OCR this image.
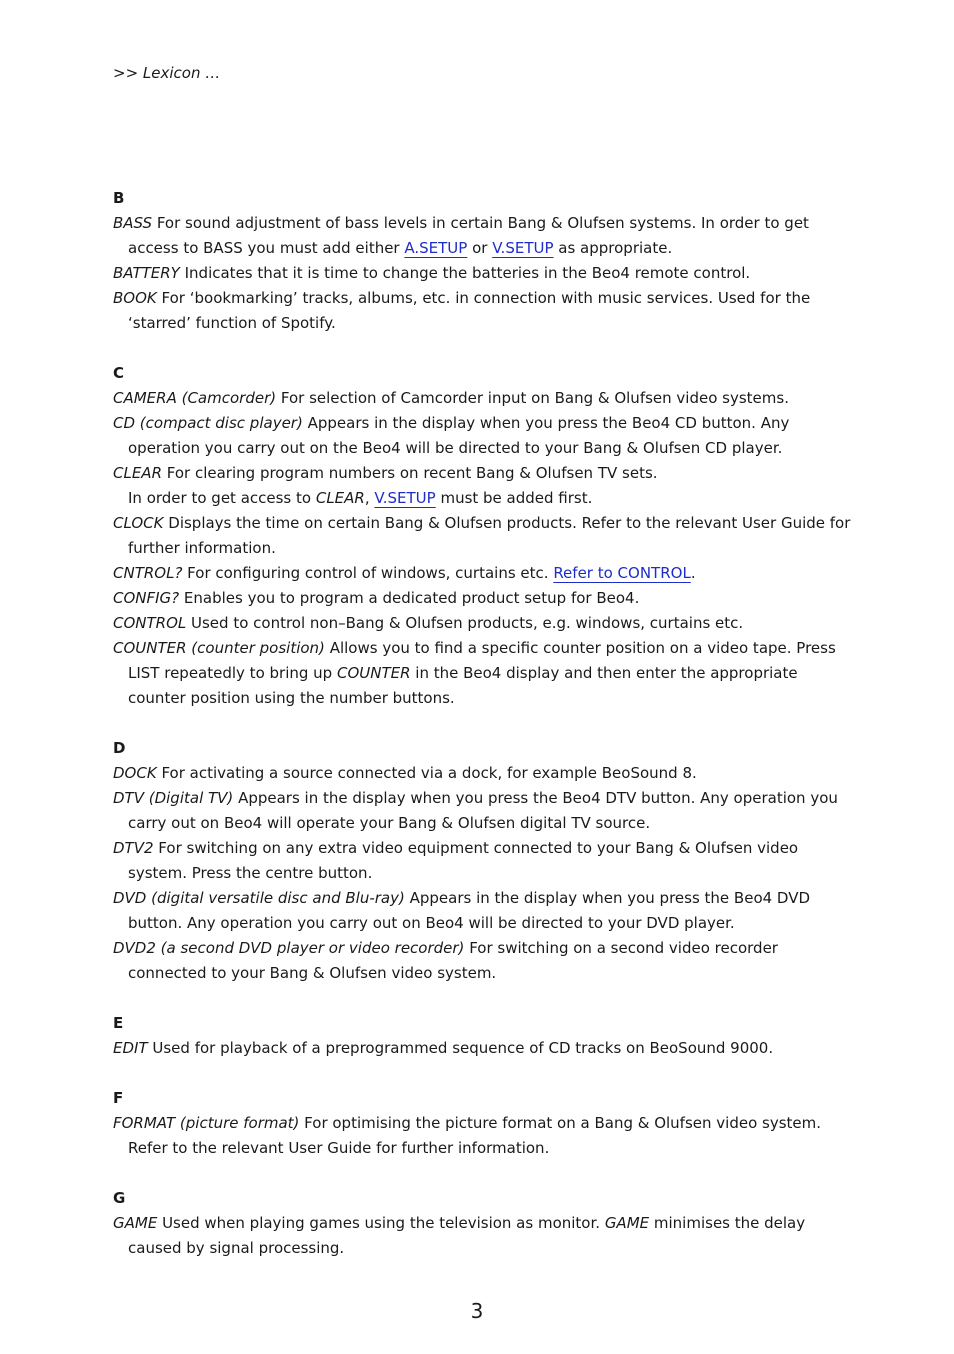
>> Lexicon …
B

BASS For sound adjustment of bass levels in certain Bang & Olufsen systems. In order to get access to BASS you must add either A.SETUP or V.SETUP as appropriate.

BATTERY Indicates that it is time to change the batteries in the Beo4 remote control.

BOOK For ‘bookmarking’ tracks, albums, etc. in connection with music services. Used for the ‘starred’ function of Spotify.

C

CAMERA (Camcorder) For selection of Camcorder input on Bang & Olufsen video systems.

CD (compact disc player) Appears in the display when you press the Beo4 CD button. Any operation you carry out on the Beo4 will be directed to your Bang & Olufsen CD player.

CLEAR For clearing program numbers on recent Bang & Olufsen TV sets.

In order to get access to CLEAR, V.SETUP must be added first.

CLOCK Displays the time on certain Bang & Olufsen products. Refer to the relevant User Guide for further information.

CNTROL? For configuring control of windows, curtains etc. Refer to CONTROL.

CONFIG? Enables you to program a dedicated product setup for Beo4.

CONTROL Used to control non–Bang & Olufsen products, e.g. windows, curtains etc.

COUNTER (counter position) Allows you to find a specific counter position on a video tape. Press LIST repeatedly to bring up COUNTER in the Beo4 display and then enter the appropriate counter position using the number buttons.

D

DOCK For activating a source connected via a dock, for example BeoSound 8.

DTV (Digital TV) Appears in the display when you press the Beo4 DTV button. Any operation you carry out on Beo4 will operate your Bang & Olufsen digital TV source.

DTV2 For switching on any extra video equipment connected to your Bang & Olufsen video system. Press the centre button.

DVD (digital versatile disc and Blu-ray) Appears in the display when you press the Beo4 DVD button. Any operation you carry out on Beo4 will be directed to your DVD player.

DVD2 (a second DVD player or video recorder) For switching on a second video recorder connected to your Bang & Olufsen video system.

E

EDIT Used for playback of a preprogrammed sequence of CD tracks on BeoSound 9000.

F

FORMAT (picture format) For optimising the picture format on a Bang & Olufsen video system. Refer to the relevant User Guide for further information.

G

GAME Used when playing games using the television as monitor. GAME minimises the delay caused by signal processing.

3
